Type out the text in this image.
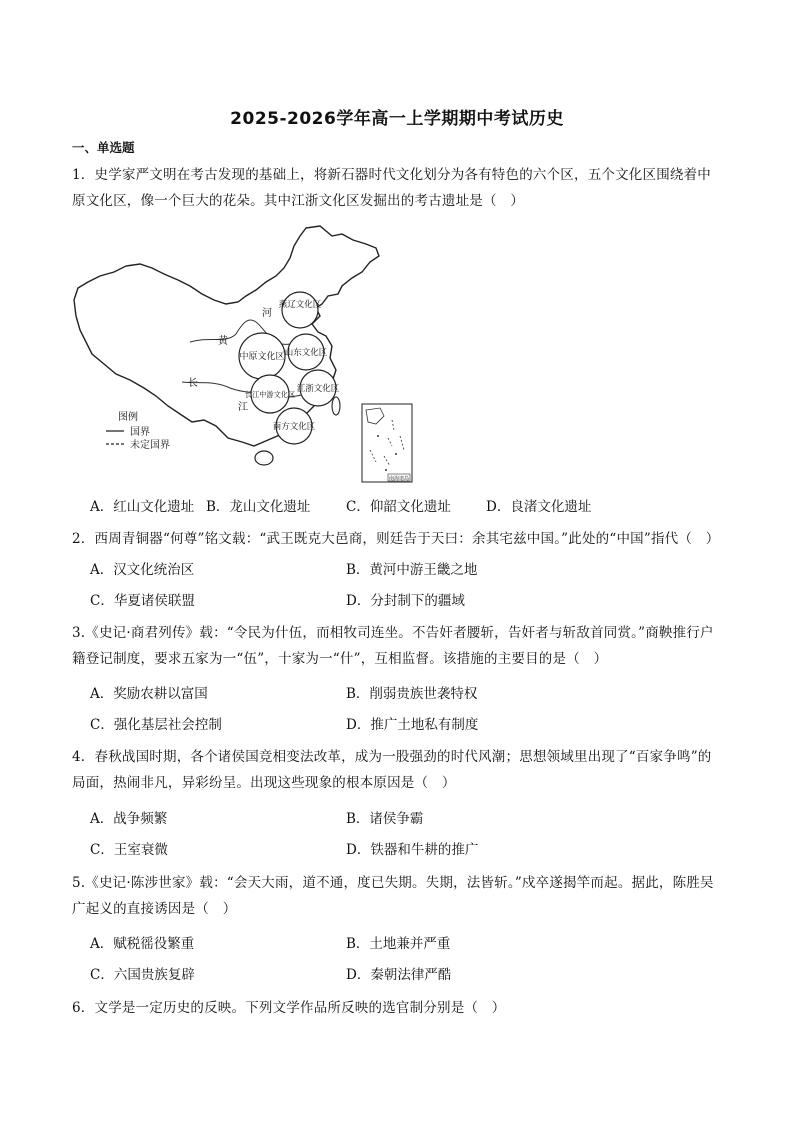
2025-2026学年高一上学期期中考试历史
一、单选题
1．史学家严文明在考古发现的基础上，将新石器时代文化划分为各有特色的六个区，五个文化区围绕着中原文化区，像一个巨大的花朵。其中江浙文化区发掘出的考古遗址是（　）
燕辽文化区
中原文化区 山东文化区
长江中游文化区
江浙文化区
南方文化区
河
黄
长
江
图例
国界
未定国界
南海诸岛
A．红山文化遗址 B．龙山文化遗址	C．仰韶文化遗址	D．良渚文化遗址
2．西周青铜器“何尊”铭文载：“武王既克大邑商，则廷告于天曰：余其宅兹中国。”此处的“中国”指代（　）
A．汉文化统治区	B．黄河中游王畿之地
C．华夏诸侯联盟	D．分封制下的疆域
3.《史记·商君列传》载：“令民为什伍，而相牧司连坐。不告奸者腰斩，告奸者与斩敌首同赏。”商鞅推行户籍登记制度，要求五家为一“伍”，十家为一“什”，互相监督。该措施的主要目的是（　）
A．奖励农耕以富国	B．削弱贵族世袭特权
C．强化基层社会控制	D．推广土地私有制度
4．春秋战国时期，各个诸侯国竞相变法改革，成为一股强劲的时代风潮；思想领域里出现了“百家争鸣”的局面，热闹非凡，异彩纷呈。出现这些现象的根本原因是（　）
A．战争频繁	B．诸侯争霸
C．王室衰微	D．铁器和牛耕的推广
5.《史记·陈涉世家》载：“会天大雨，道不通，度已失期。失期，法皆斩。”戍卒遂揭竿而起。据此，陈胜吴广起义的直接诱因是（　）
A．赋税徭役繁重	B．土地兼并严重
C．六国贵族复辟	D．秦朝法律严酷
6．文学是一定历史的反映。下列文学作品所反映的选官制分别是（　）
